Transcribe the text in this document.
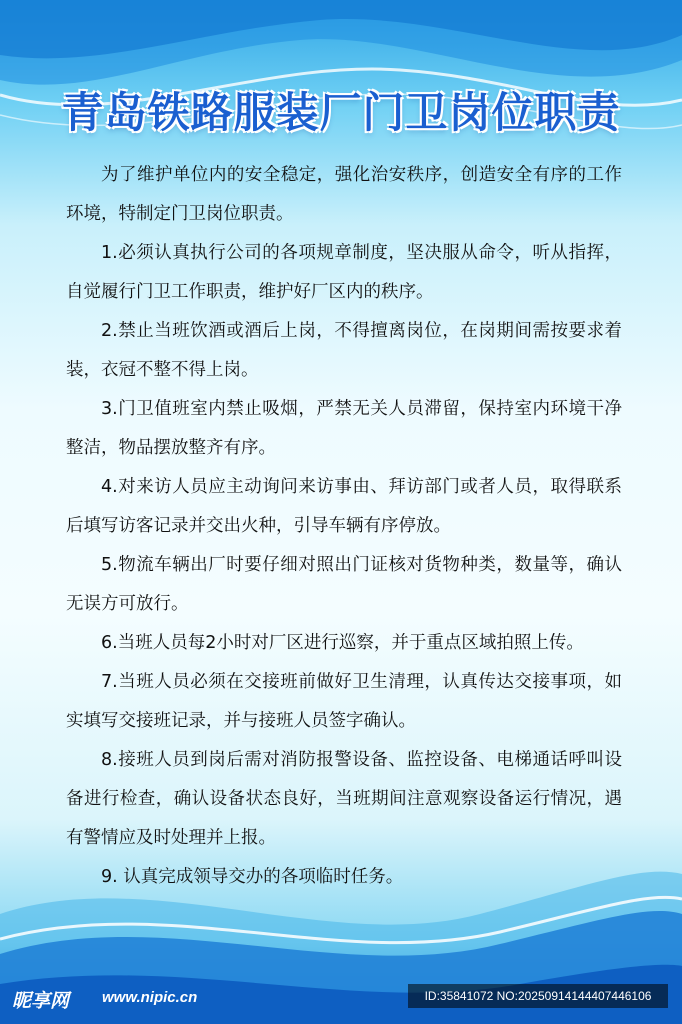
青岛铁路服装厂门卫岗位职责

为了维护单位内的安全稳定，强化治安秩序，创造安全有序的工作环境，特制定门卫岗位职责。

1.必须认真执行公司的各项规章制度，坚决服从命令，听从指挥，自觉履行门卫工作职责，维护好厂区内的秩序。

2.禁止当班饮酒或酒后上岗，不得擅离岗位，在岗期间需按要求着装，衣冠不整不得上岗。

3.门卫值班室内禁止吸烟，严禁无关人员滞留，保持室内环境干净整洁，物品摆放整齐有序。

4.对来访人员应主动询问来访事由、拜访部门或者人员，取得联系后填写访客记录并交出火种，引导车辆有序停放。

5.物流车辆出厂时要仔细对照出门证核对货物种类，数量等，确认无误方可放行。

6.当班人员每2小时对厂区进行巡察，并于重点区域拍照上传。

7.当班人员必须在交接班前做好卫生清理，认真传达交接事项，如实填写交接班记录，并与接班人员签字确认。

8.接班人员到岗后需对消防报警设备、监控设备、电梯通话呼叫设备进行检查，确认设备状态良好，当班期间注意观察设备运行情况，遇有警情应及时处理并上报。

9. 认真完成领导交办的各项临时任务。

昵享网 www.nipic.cn	ID:35841072 NO:20250914144407446106
